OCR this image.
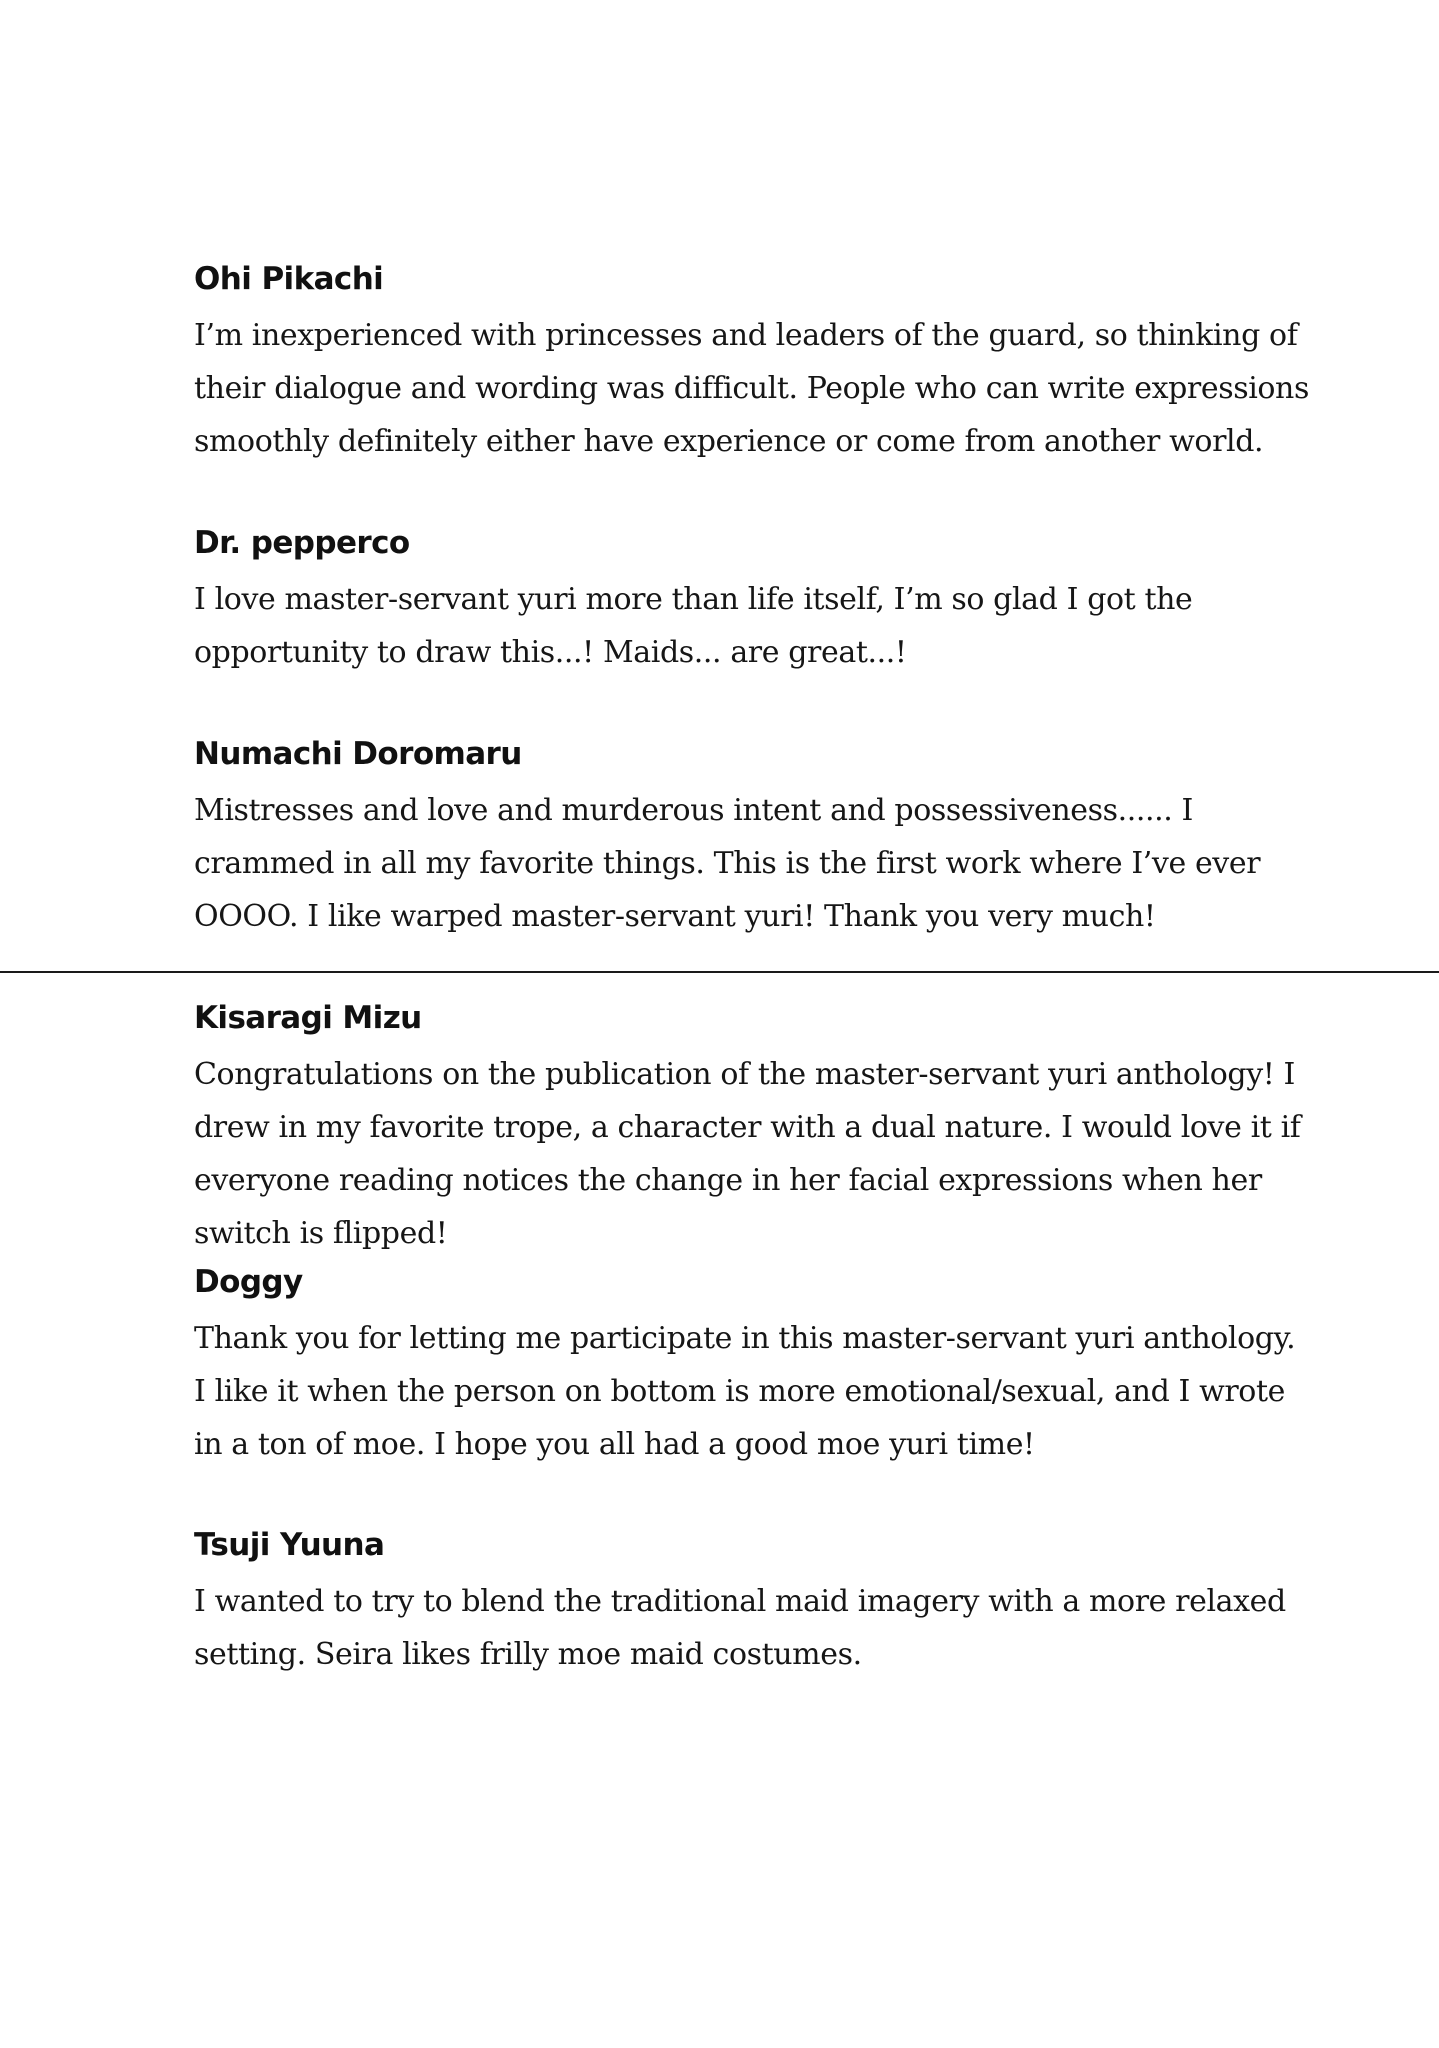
Ohi Pikachi

I’m inexperienced with princesses and leaders of the guard, so thinking of their dialogue and wording was difficult. People who can write expressions smoothly definitely either have experience or come from another world.

Dr. pepperco

I love master-servant yuri more than life itself, I’m so glad I got the opportunity to draw this...! Maids... are great...!

Numachi Doromaru

Mistresses and love and murderous intent and possessiveness...... I crammed in all my favorite things. This is the first work where I’ve ever OOOO. I like warped master-servant yuri! Thank you very much!

Kisaragi Mizu

Congratulations on the publication of the master-servant yuri anthology! I drew in my favorite trope, a character with a dual nature. I would love it if everyone reading notices the change in her facial expressions when her switch is flipped!

Doggy

Thank you for letting me participate in this master-servant yuri anthology. I like it when the person on bottom is more emotional/sexual, and I wrote in a ton of moe. I hope you all had a good moe yuri time!

Tsuji Yuuna

I wanted to try to blend the traditional maid imagery with a more relaxed setting. Seira likes frilly moe maid costumes.
